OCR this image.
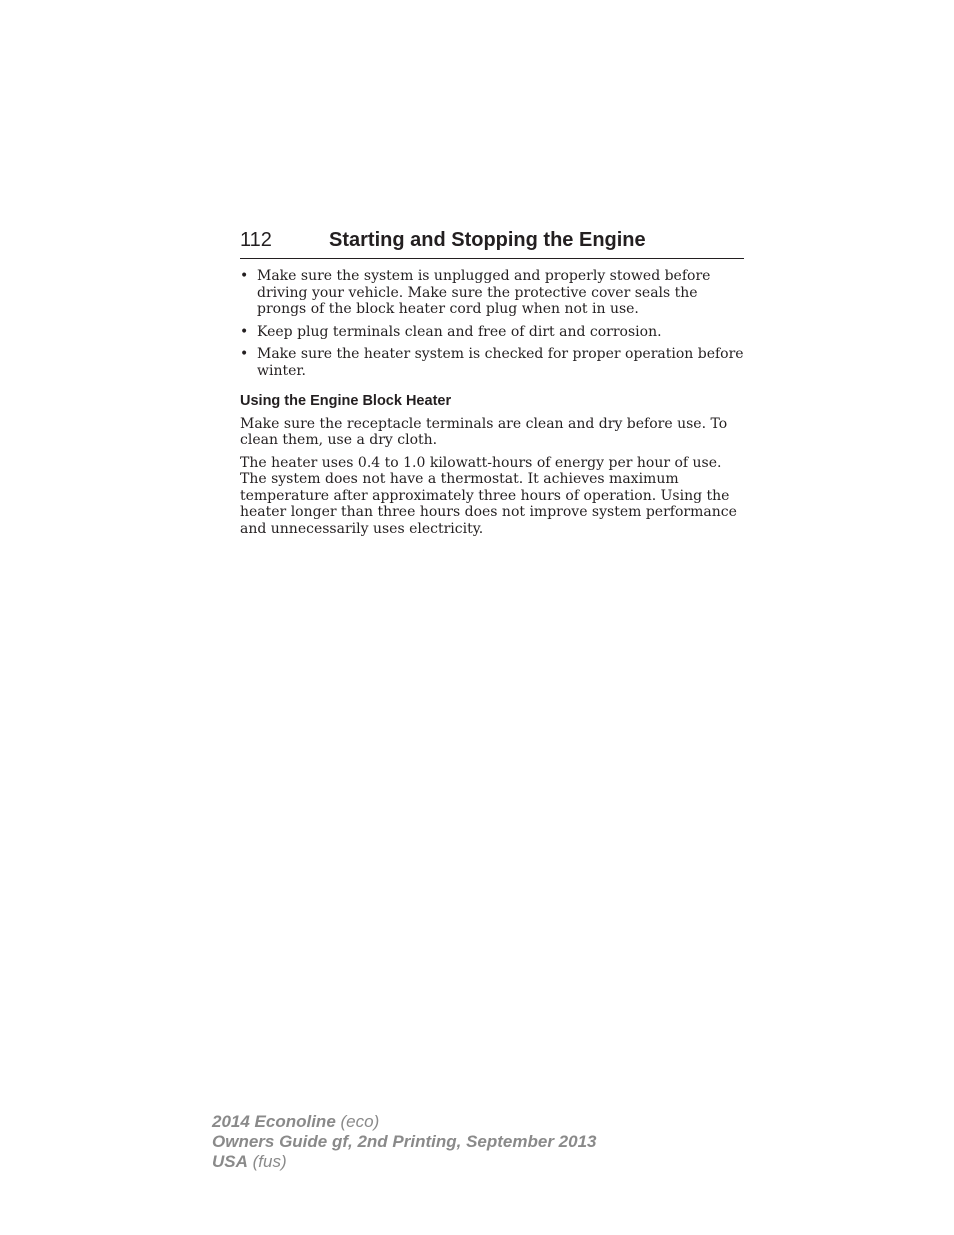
112	Starting and Stopping the Engine
• Make sure the system is unplugged and properly stowed before driving your vehicle. Make sure the protective cover seals the prongs of the block heater cord plug when not in use.
• Keep plug terminals clean and free of dirt and corrosion.
• Make sure the heater system is checked for proper operation before winter.
Using the Engine Block Heater

Make sure the receptacle terminals are clean and dry before use. To clean them, use a dry cloth.

The heater uses 0.4 to 1.0 kilowatt-hours of energy per hour of use. The system does not have a thermostat. It achieves maximum temperature after approximately three hours of operation. Using the heater longer than three hours does not improve system performance and unnecessarily uses electricity.

2014 Econoline (eco)
Owners Guide gf, 2nd Printing, September 2013
USA (fus)
